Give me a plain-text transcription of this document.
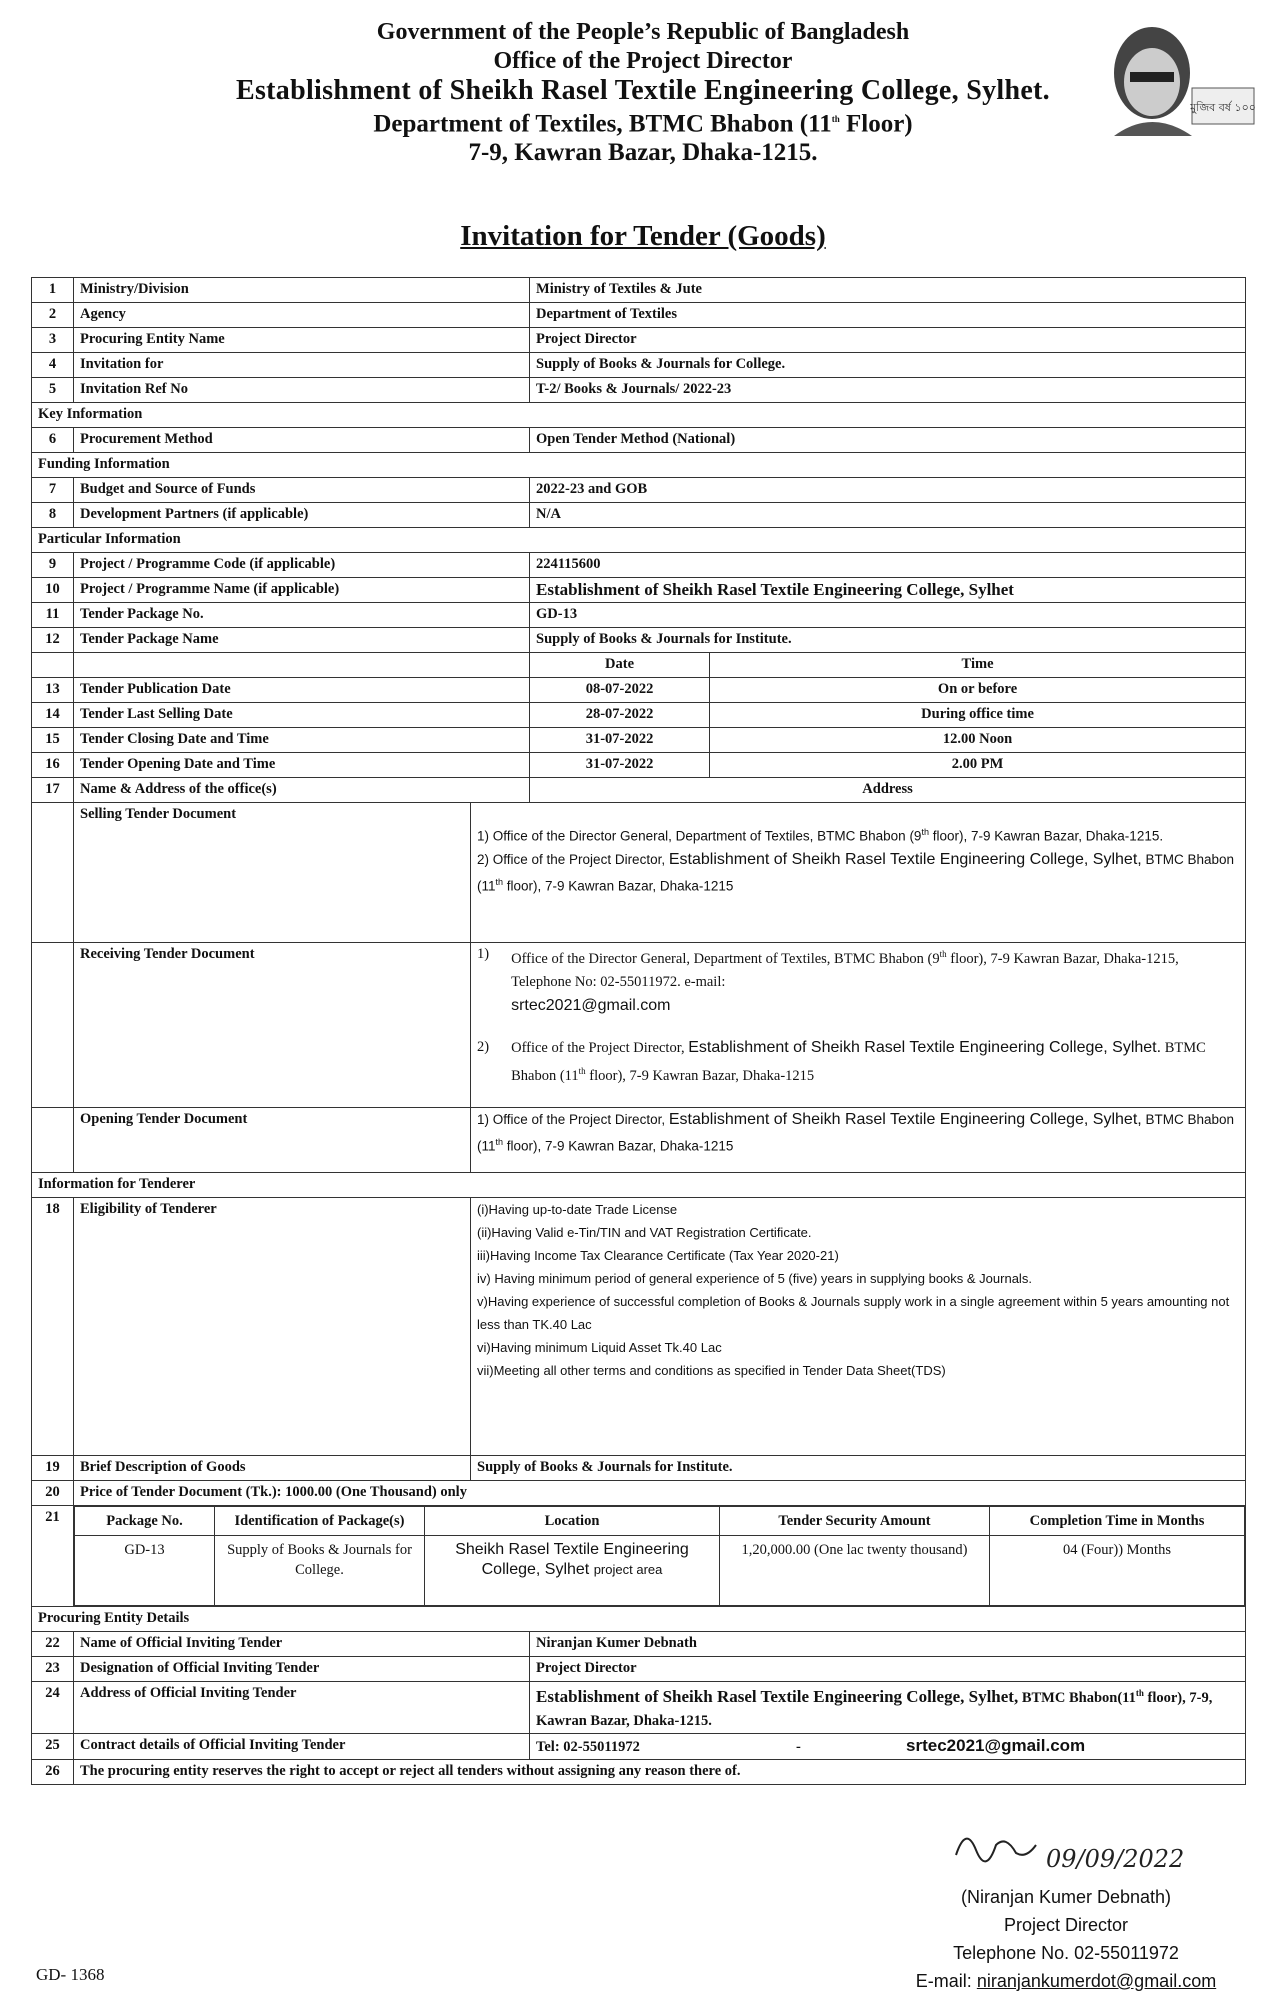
Government of the People’s Republic of Bangladesh
Office of the Project Director
Establishment of Sheikh Rasel Textile Engineering College, Sylhet.
Department of Textiles, BTMC Bhabon (11th Floor)
7-9, Kawran Bazar, Dhaka-1215.
মুজিব বর্ষ ১০০
Invitation for Tender (Goods)
1	Ministry/Division	Ministry of Textiles & Jute
2	Agency	Department of Textiles
3	Procuring Entity Name	Project Director
4	Invitation for	Supply of Books & Journals for College.
5	Invitation Ref No	T-2/ Books & Journals/ 2022-23
Key Information
6	Procurement Method	Open Tender Method (National)
Funding Information
7	Budget and Source of Funds	2022-23 and GOB
8	Development Partners (if applicable)	N/A
Particular Information
9	Project / Programme Code (if applicable)	224115600
10	Project / Programme Name (if applicable)	Establishment of Sheikh Rasel Textile Engineering College, Sylhet
11	Tender Package No.	GD-13
12	Tender Package Name	Supply of Books & Journals for Institute.
		Date	Time
13	Tender Publication Date	08-07-2022	On or before
14	Tender Last Selling Date	28-07-2022	During office time
15	Tender Closing Date and Time	31-07-2022	12.00 Noon
16	Tender Opening Date and Time	31-07-2022	2.00 PM
17	Name & Address of the office(s)	Address
	Selling Tender Document	
1) Office of the Director General, Department of Textiles, BTMC Bhabon (9th floor), 7-9 Kawran Bazar, Dhaka-1215.
2) Office of the Project Director, Establishment of Sheikh Rasel Textile Engineering College, Sylhet, BTMC Bhabon (11th floor), 7-9 Kawran Bazar, Dhaka-1215

	Receiving Tender Document	1) Office of the Director General, Department of Textiles, BTMC Bhabon (9th floor), 7-9 Kawran Bazar, Dhaka-1215, Telephone No: 02-55011972. e-mail:
srtec2021@gmail.com
2) Office of the Project Director, Establishment of Sheikh Rasel Textile Engineering College, Sylhet. BTMC Bhabon (11th floor), 7-9 Kawran Bazar, Dhaka-1215

	Opening Tender Document	1) Office of the Project Director, Establishment of Sheikh Rasel Textile Engineering College, Sylhet, BTMC Bhabon (11th floor), 7-9 Kawran Bazar, Dhaka-1215

Information for Tenderer
18	Eligibility of Tenderer	(i)Having up-to-date Trade License
(ii)Having Valid e-Tin/TIN and VAT Registration Certificate.
iii)Having Income Tax Clearance Certificate (Tax Year 2020-21)
iv) Having minimum period of general experience of 5 (five) years in supplying books & Journals.
v)Having experience of successful completion of Books & Journals supply work in a single agreement within 5 years amounting not less than TK.40 Lac
vi)Having minimum Liquid Asset Tk.40 Lac
vii)Meeting all other terms and conditions as specified in Tender Data Sheet(TDS)

19	Brief Description of Goods	Supply of Books & Journals for Institute.
20	Price of Tender Document (Tk.): 1000.00 (One Thousand) only
21		Package No.	Identification of Package(s)	Location	Tender Security Amount	Completion Time in Months
GD-13	Supply of Books & Journals for College.	Sheikh Rasel Textile Engineering College, Sylhet project area	1,20,000.00 (One lac twenty thousand)	04 (Four)) Months

Procuring Entity Details
22	Name of Official Inviting Tender	Niranjan Kumer Debnath
23	Designation of Official Inviting Tender	Project Director
24	Address of Official Inviting Tender	Establishment of Sheikh Rasel Textile Engineering College, Sylhet, BTMC Bhabon(11th floor), 7-9, Kawran Bazar, Dhaka-1215.
25	Contract details of Official Inviting Tender	Tel: 02-55011972	-	srtec2021@gmail.com
26	The procuring entity reserves the right to accept or reject all tenders without assigning any reason there of.
09/09/2022
(Niranjan Kumer Debnath)
Project Director
Telephone No. 02-55011972
E-mail: niranjankumerdot@gmail.com
GD- 1368
